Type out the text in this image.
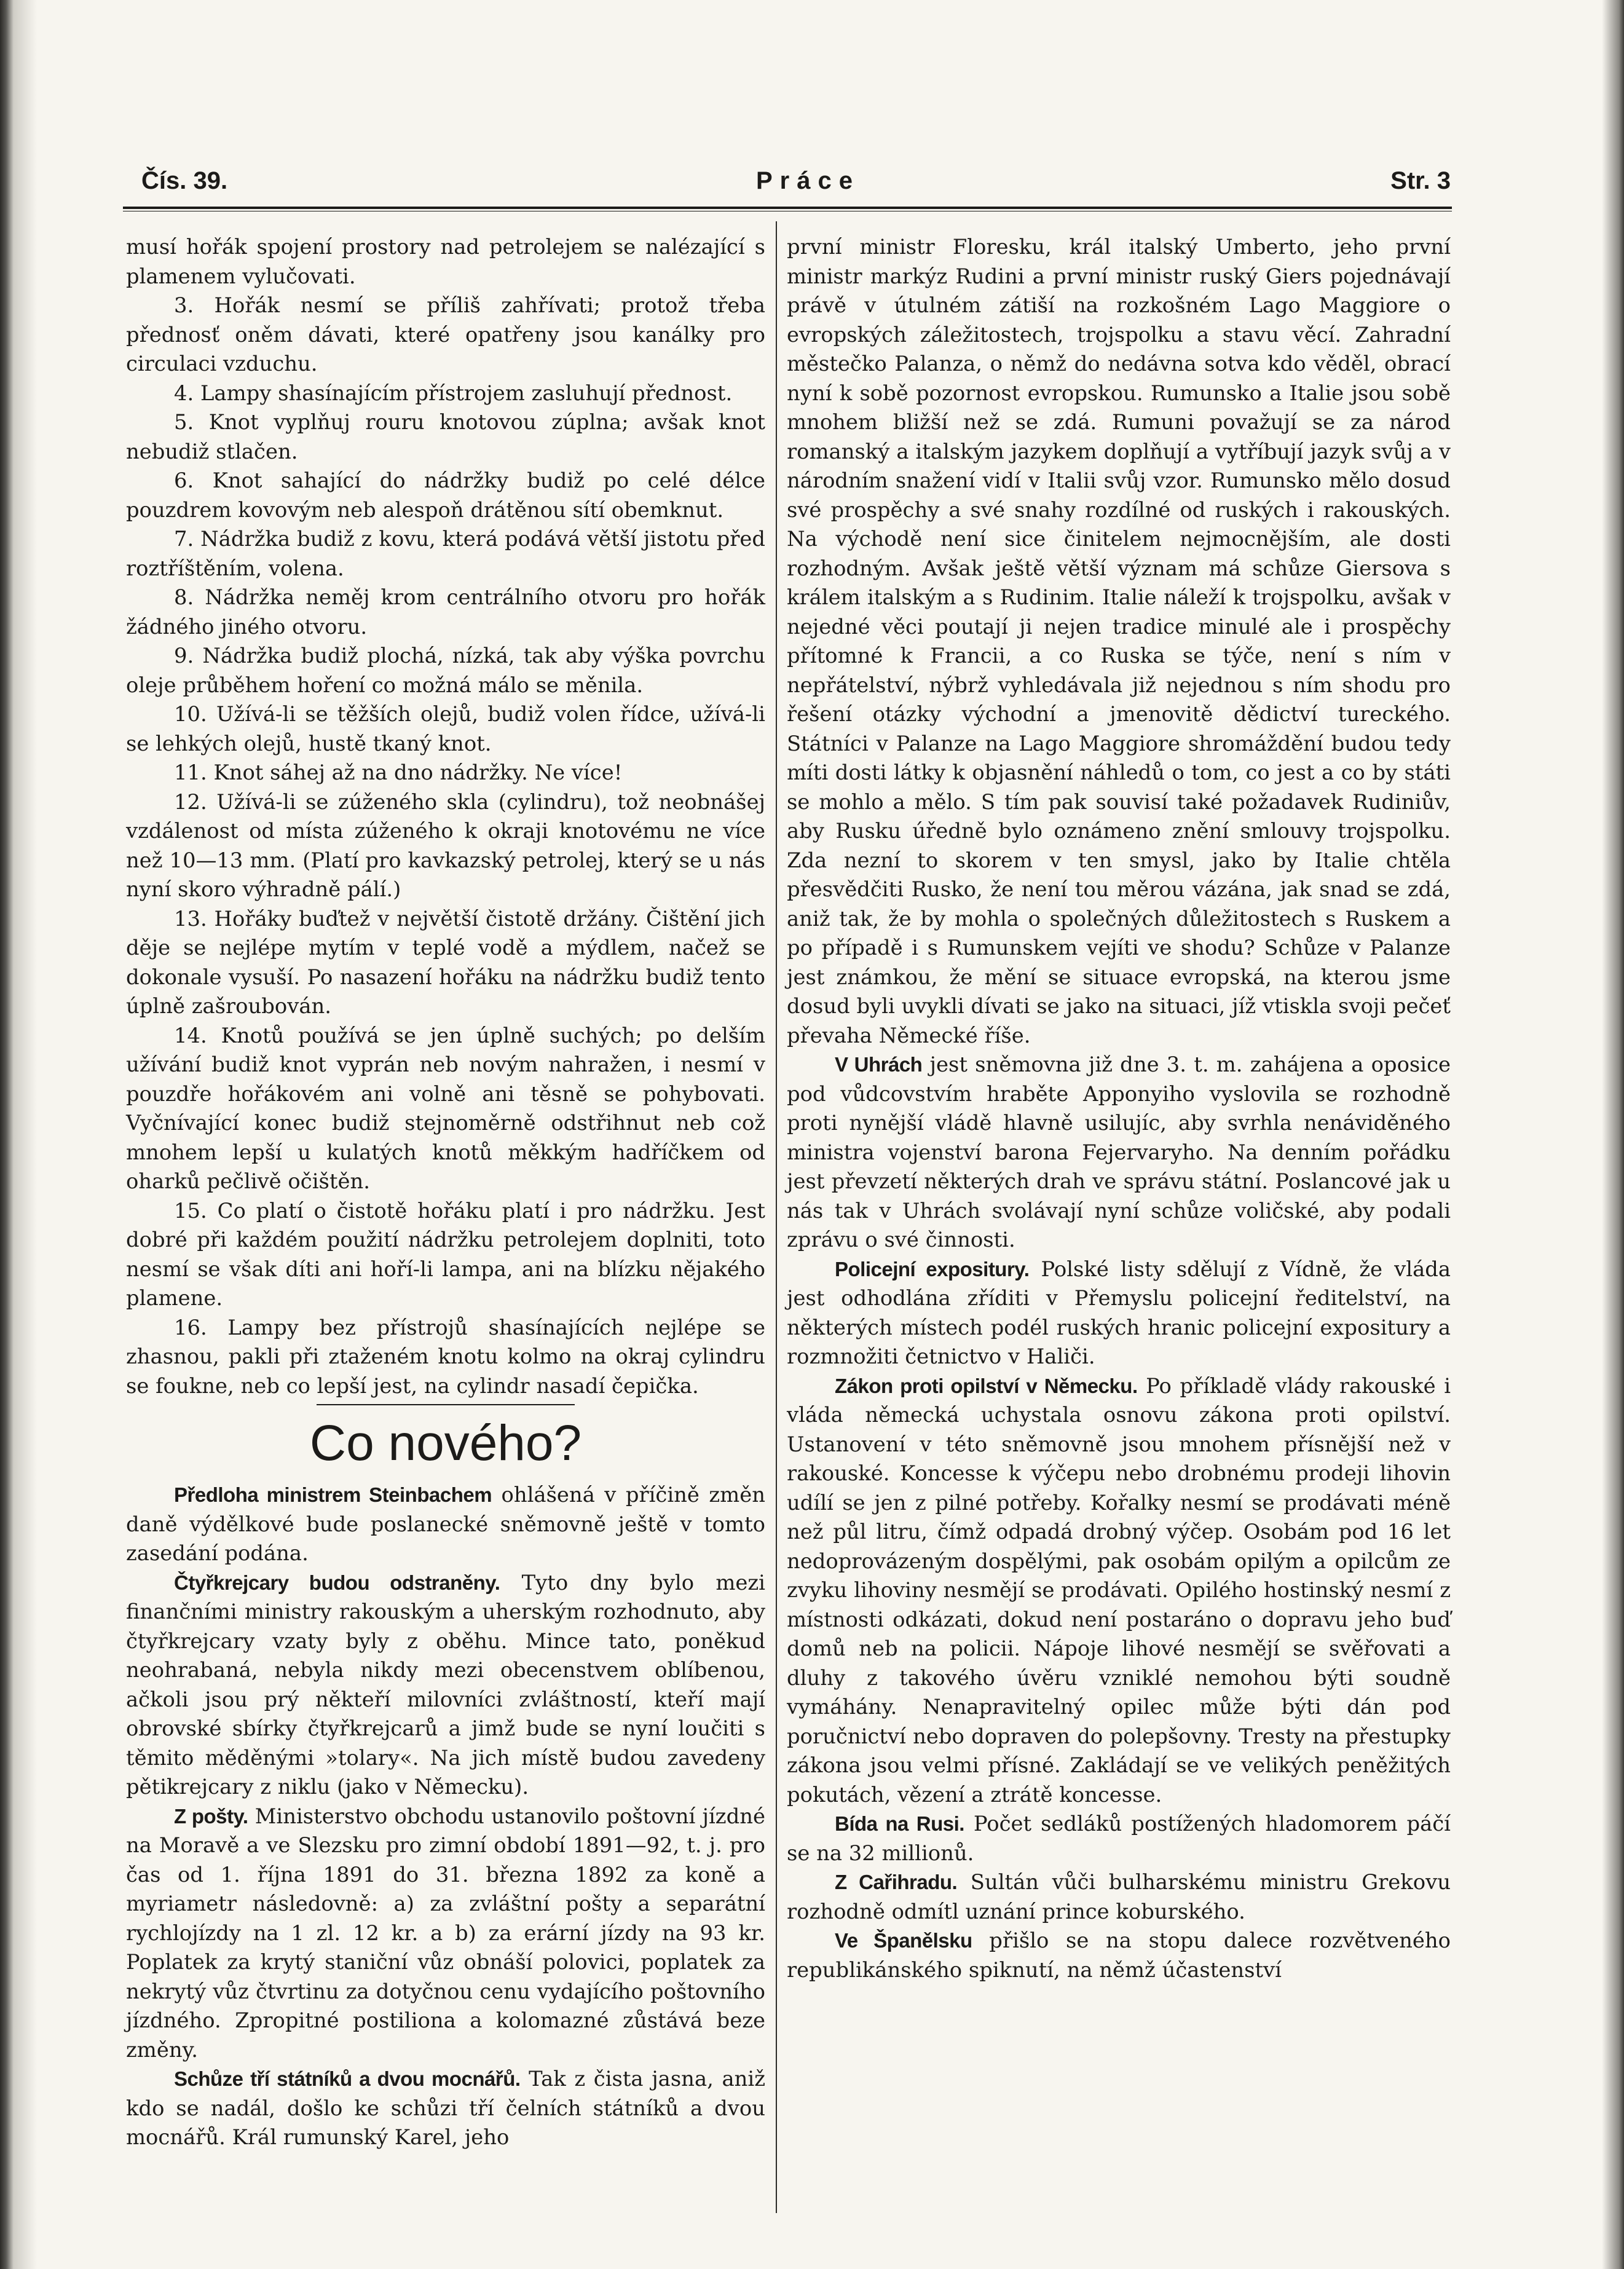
Čís. 39.	Práce	Str. 3

musí hořák spojení prostory nad petrolejem se nalézající s plamenem vylučovati.

3. Hořák nesmí se příliš zahřívati; protož třeba přednosť oněm dávati, které opatřeny jsou kanálky pro circulaci vzduchu.

4. Lampy shasínajícím přístrojem zasluhují přednost.

5. Knot vyplňuj rouru knotovou zúplna; avšak knot nebudiž stlačen.

6. Knot sahající do nádržky budiž po celé délce pouzdrem kovovým neb alespoň drátěnou sítí obemknut.

7. Nádržka budiž z kovu, která podává větší jistotu před roztříštěním, volena.

8. Nádržka neměj krom centrálního otvoru pro hořák žádného jiného otvoru.

9. Nádržka budiž plochá, nízká, tak aby výška povrchu oleje průběhem hoření co možná málo se měnila.

10. Užívá-li se těžších olejů, budiž volen řídce, užívá-li se lehkých olejů, hustě tkaný knot.

11. Knot sáhej až na dno nádržky. Ne více!

12. Užívá-li se zúženého skla (cylindru), tož neobnášej vzdálenost od místa zúženého k okraji knotovému ne více než 10—13 mm. (Platí pro kavkazský petrolej, který se u nás nyní skoro výhradně pálí.)

13. Hořáky buďtež v největší čistotě držány. Čištění jich děje se nejlépe mytím v teplé vodě a mýdlem, načež se dokonale vysuší. Po nasazení hořáku na nádržku budiž tento úplně zašroubován.

14. Knotů používá se jen úplně suchých; po delším užívání budiž knot vyprán neb novým nahražen, i nesmí v pouzdře hořákovém ani volně ani těsně se pohybovati. Vyčnívající konec budiž stejnoměrně odstřihnut neb což mnohem lepší u kulatých knotů měkkým hadříčkem od oharků pečlivě očištěn.

15. Co platí o čistotě hořáku platí i pro nádržku. Jest dobré při každém použití nádržku petrolejem doplniti, toto nesmí se však díti ani hoří-li lampa, ani na blízku nějakého plamene.

16. Lampy bez přístrojů shasínajících nejlépe se zhasnou, pakli při ztaženém knotu kolmo na okraj cylindru se foukne, neb co lepší jest, na cylindr nasadí čepička.

Co nového?

Předloha ministrem Steinbachem ohlášená v příčině změn daně výdělkové bude poslanecké sněmovně ještě v tomto zasedání podána.

Čtyřkrejcary budou odstraněny. Tyto dny bylo mezi finančními ministry rakouským a uherským rozhodnuto, aby čtyřkrejcary vzaty byly z oběhu. Mince tato, poněkud neohrabaná, nebyla nikdy mezi obecenstvem oblíbenou, ačkoli jsou prý někteří milovníci zvláštností, kteří mají obrovské sbírky čtyřkrejcarů a jimž bude se nyní loučiti s těmito měděnými »tolary«. Na jich místě budou zavedeny pětikrejcary z niklu (jako v Německu).

Z pošty. Ministerstvo obchodu ustanovilo poštovní jízdné na Moravě a ve Slezsku pro zimní období 1891—92, t. j. pro čas od 1. října 1891 do 31. března 1892 za koně a myriametr následovně: a) za zvláštní pošty a separátní rychlojízdy na 1 zl. 12 kr. a b) za erární jízdy na 93 kr. Poplatek za krytý staniční vůz obnáší polovici, poplatek za nekrytý vůz čtvrtinu za dotyčnou cenu vydajícího poštovního jízdného. Zpropitné postiliona a kolomazné zůstává beze změny.

Schůze tří státníků a dvou mocnářů. Tak z čista jasna, aniž kdo se nadál, došlo ke schůzi tří čelních státníků a dvou mocnářů. Král rumunský Karel, jeho

první ministr Floresku, král italský Umberto, jeho první ministr markýz Rudini a první ministr ruský Giers pojednávají právě v útulném zátiší na rozkošném Lago Maggiore o evropských záležitostech, trojspolku a stavu věcí. Zahradní městečko Palanza, o němž do nedávna sotva kdo věděl, obrací nyní k sobě pozornost evropskou. Rumunsko a Italie jsou sobě mnohem bližší než se zdá. Rumuni považují se za národ romanský a italským jazykem doplňují a vytříbují jazyk svůj a v národním snažení vidí v Italii svůj vzor. Rumunsko mělo dosud své prospěchy a své snahy rozdílné od ruských i rakouských. Na východě není sice činitelem nejmocnějším, ale dosti rozhodným. Avšak ještě větší význam má schůze Giersova s králem italským a s Rudinim. Italie náleží k trojspolku, avšak v nejedné věci poutají ji nejen tradice minulé ale i prospěchy přítomné k Francii, a co Ruska se týče, není s ním v nepřátelství, nýbrž vyhledávala již nejednou s ním shodu pro řešení otázky východní a jmenovitě dědictví tureckého. Státníci v Palanze na Lago Maggiore shromáždění budou tedy míti dosti látky k objasnění náhledů o tom, co jest a co by státi se mohlo a mělo. S tím pak souvisí také požadavek Rudiniův, aby Rusku úředně bylo oznámeno znění smlouvy trojspolku. Zda nezní to skorem v ten smysl, jako by Italie chtěla přesvědčiti Rusko, že není tou měrou vázána, jak snad se zdá, aniž tak, že by mohla o společných důležitostech s Ruskem a po případě i s Rumunskem vejíti ve shodu? Schůze v Palanze jest známkou, že mění se situace evropská, na kterou jsme dosud byli uvykli dívati se jako na situaci, jíž vtiskla svoji pečeť převaha Německé říše.

V Uhrách jest sněmovna již dne 3. t. m. zahájena a oposice pod vůdcovstvím hraběte Apponyiho vyslovila se rozhodně proti nynější vládě hlavně usilujíc, aby svrhla nenáviděného ministra vojenství barona Fejervaryho. Na denním pořádku jest převzetí některých drah ve správu státní. Poslancové jak u nás tak v Uhrách svolávají nyní schůze voličské, aby podali zprávu o své činnosti.

Policejní expositury. Polské listy sdělují z Vídně, že vláda jest odhodlána zříditi v Přemyslu policejní ředitelství, na některých místech podél ruských hranic policejní expositury a rozmnožiti četnictvo v Haliči.

Zákon proti opilství v Německu. Po příkladě vlády rakouské i vláda německá uchystala osnovu zákona proti opilství. Ustanovení v této sněmovně jsou mnohem přísnější než v rakouské. Koncesse k výčepu nebo drobnému prodeji lihovin udílí se jen z pilné potřeby. Kořalky nesmí se prodávati méně než půl litru, čímž odpadá drobný výčep. Osobám pod 16 let nedoprovázeným dospělými, pak osobám opilým a opilcům ze zvyku lihoviny nesmějí se prodávati. Opilého hostinský nesmí z místnosti odkázati, dokud není postaráno o dopravu jeho buď domů neb na policii. Nápoje lihové nesmějí se svěřovati a dluhy z takového úvěru vzniklé nemohou býti soudně vymáhány. Nenapravitelný opilec může býti dán pod poručnictví nebo dopraven do polepšovny. Tresty na přestupky zákona jsou velmi přísné. Zakládají se ve velikých peněžitých pokutách, vězení a ztrátě koncesse.

Bída na Rusi. Počet sedláků postížených hladomorem páčí se na 32 millionů.

Z Cařihradu. Sultán vůči bulharskému ministru Grekovu rozhodně odmítl uznání prince koburského.

Ve Španělsku přišlo se na stopu dalece rozvětveného republikánského spiknutí, na němž účastenství
